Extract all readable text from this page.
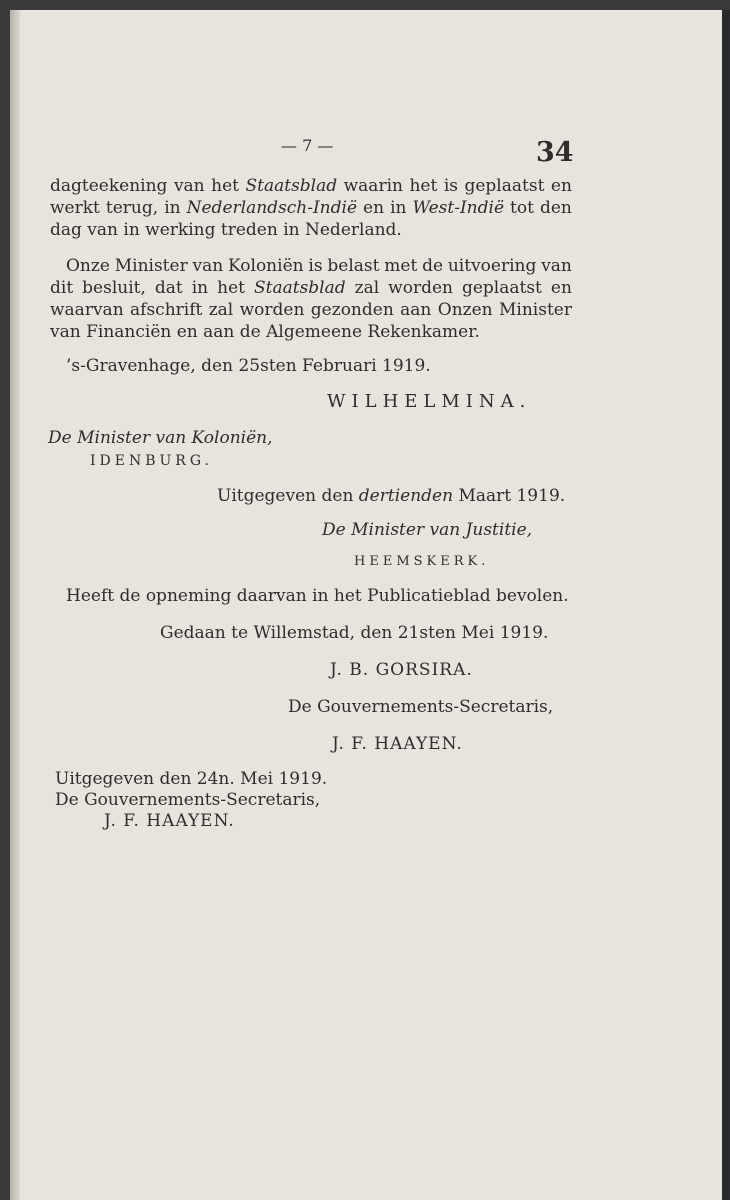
— 7 —	34
dagteekening van het Staatsblad waarin het is geplaatst en
werkt terug, in Nederlandsch-Indië en in West-Indië tot den
dag van in werking treden in Nederland.
Onze Minister van Koloniën is belast met de uitvoering van
dit besluit, dat in het Staatsblad zal worden geplaatst en
waarvan afschrift zal worden gezonden aan Onzen Minister
van Financiën en aan de Algemeene Rekenkamer.
’s-Gravenhage, den 25sten Februari 1919.
WILHELMINA.
De Minister van Koloniën,
IDENBURG.
Uitgegeven den dertienden Maart 1919.
De Minister van Justitie,
HEEMSKERK.
Heeft de opneming daarvan in het Publicatieblad bevolen.
Gedaan te Willemstad, den 21sten Mei 1919.
J. B. GORSIRA.
De Gouvernements-Secretaris,
J. F. HAAYEN.
Uitgegeven den 24n. Mei 1919.
De Gouvernements-Secretaris,
J. F. HAAYEN.
